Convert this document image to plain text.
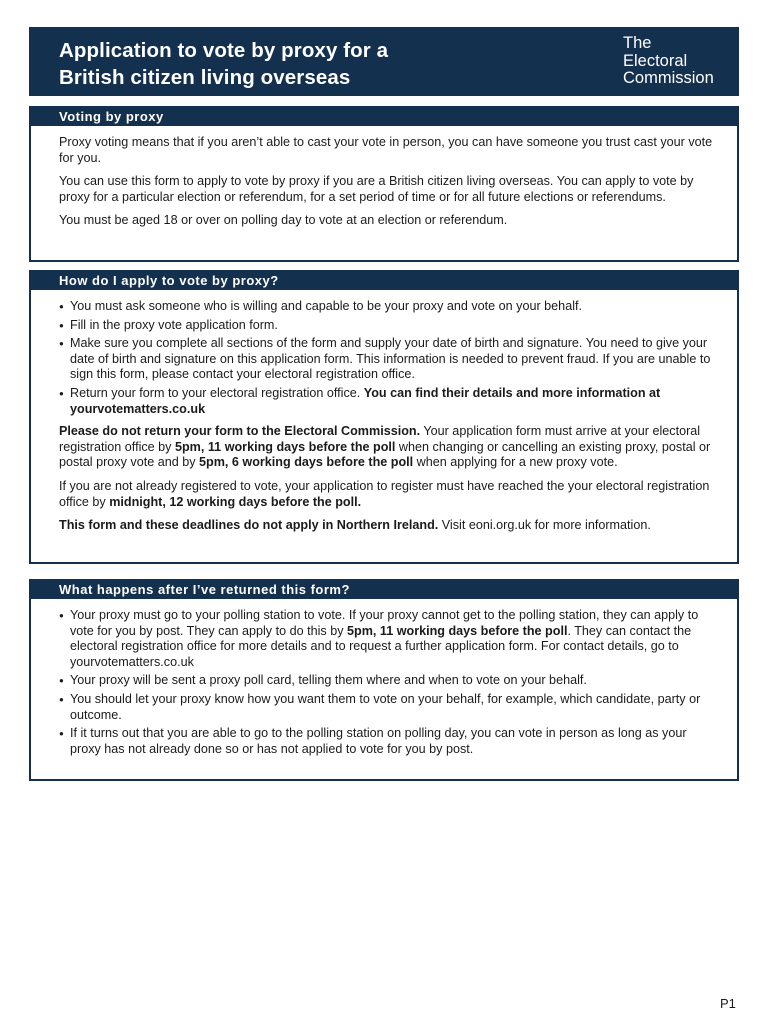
Application to vote by proxy for a
British citizen living overseas
The
Electoral
Commission
Voting by proxy

Proxy voting means that if you aren’t able to cast your vote in person, you can have someone you trust cast your vote for you.

You can use this form to apply to vote by proxy if you are a British citizen living overseas. You can apply to vote by proxy for a particular election or referendum, for a set period of time or for all future elections or referendums.

You must be aged 18 or over on polling day to vote at an election or referendum.

How do I apply to vote by proxy?
● You must ask someone who is willing and capable to be your proxy and vote on your behalf.
● Fill in the proxy vote application form.
● Make sure you complete all sections of the form and supply your date of birth and signature. You need to give your date of birth and signature on this application form. This information is needed to prevent fraud. If you are unable to sign this form, please contact your electoral registration office.
● Return your form to your electoral registration office. You can find their details and more information at yourvotematters.co.uk

Please do not return your form to the Electoral Commission. Your application form must arrive at your electoral registration office by 5pm, 11 working days before the poll when changing or cancelling an existing proxy, postal or postal proxy vote and by 5pm, 6 working days before the poll when applying for a new proxy vote.

If you are not already registered to vote, your application to register must have reached the your electoral registration office by midnight, 12 working days before the poll.

This form and these deadlines do not apply in Northern Ireland. Visit eoni.org.uk for more information.

What happens after I’ve returned this form?
● Your proxy must go to your polling station to vote. If your proxy cannot get to the polling station, they can apply to vote for you by post. They can apply to do this by 5pm, 11 working days before the poll. They can contact the electoral registration office for more details and to request a further application form. For contact details, go to yourvotematters.co.uk
● Your proxy will be sent a proxy poll card, telling them where and when to vote on your behalf.
● You should let your proxy know how you want them to vote on your behalf, for example, which candidate, party or outcome.
● If it turns out that you are able to go to the polling station on polling day, you can vote in person as long as your proxy has not already done so or has not applied to vote for you by post.
P1
